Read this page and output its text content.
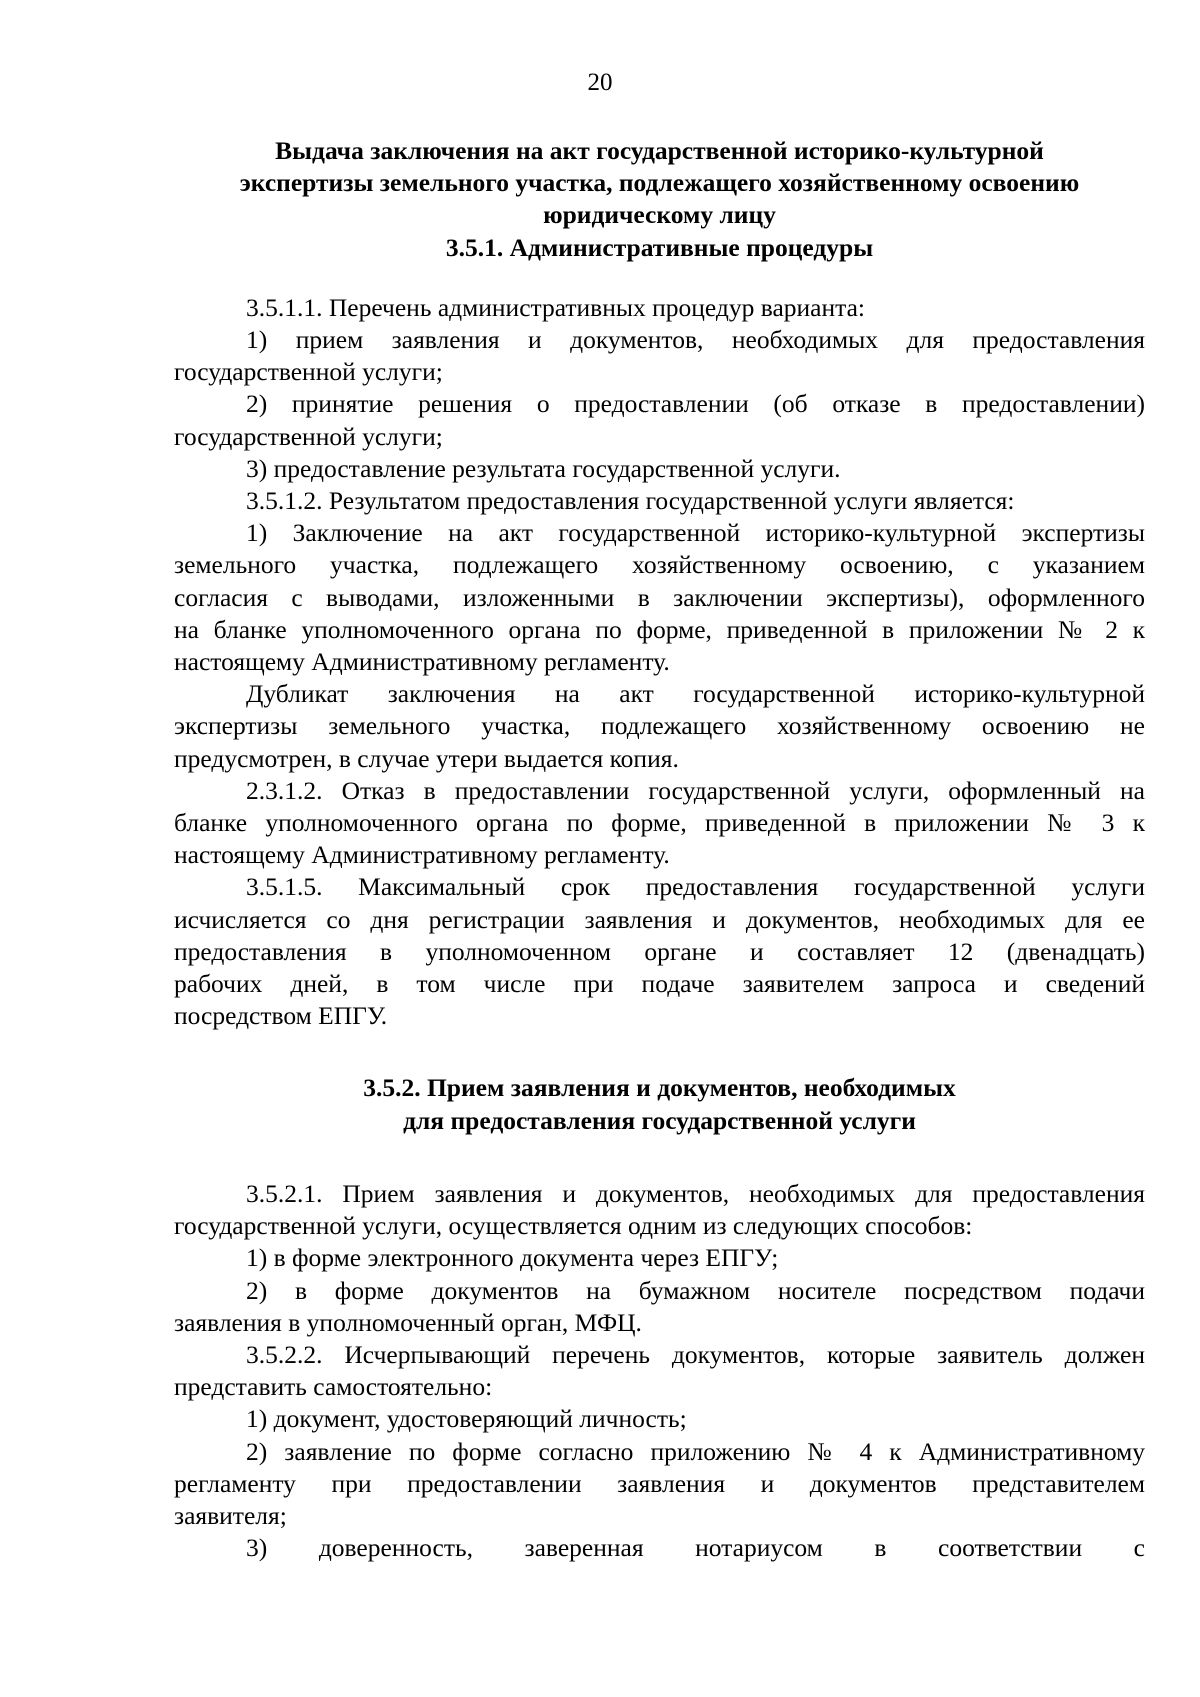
20
Выдача заключения на акт государственной историко-культурной
экспертизы земельного участка, подлежащего хозяйственному освоению
юридическому лицу
3.5.1. Административные процедуры

3.5.1.1. Перечень административных процедур варианта:

1) прием заявления и документов, необходимых для предоставления
государственной услуги;

2) принятие решения о предоставлении (об отказе в предоставлении)
государственной услуги;

3) предоставление результата государственной услуги.

3.5.1.2. Результатом предоставления государственной услуги является:

1) Заключение на акт государственной историко-культурной экспертизы
земельного участка, подлежащего хозяйственному освоению, с указанием
согласия с выводами, изложенными в заключении экспертизы), оформленного
на бланке уполномоченного органа по форме, приведенной в приложении № 2 к
настоящему Административному регламенту.

Дубликат заключения на акт государственной историко-культурной
экспертизы земельного участка, подлежащего хозяйственному освоению не
предусмотрен, в случае утери выдается копия.

2.3.1.2. Отказ в предоставлении государственной услуги, оформленный на
бланке уполномоченного органа по форме, приведенной в приложении № 3 к
настоящему Административному регламенту.

3.5.1.5. Максимальный срок предоставления государственной услуги
исчисляется со дня регистрации заявления и документов, необходимых для ее
предоставления в уполномоченном органе и составляет 12 (двенадцать)
рабочих дней, в том числе при подаче заявителем запроса и сведений
посредством ЕПГУ.

3.5.2. Прием заявления и документов, необходимых
для предоставления государственной услуги

3.5.2.1. Прием заявления и документов, необходимых для предоставления
государственной услуги, осуществляется одним из следующих способов:

1) в форме электронного документа через ЕПГУ;

2) в форме документов на бумажном носителе посредством подачи
заявления в уполномоченный орган, МФЦ.

3.5.2.2. Исчерпывающий перечень документов, которые заявитель должен
представить самостоятельно:

1) документ, удостоверяющий личность;

2) заявление по форме согласно приложению № 4 к Административному
регламенту при предоставлении заявления и документов представителем
заявителя;

3) доверенность, заверенная нотариусом в соответствии с
